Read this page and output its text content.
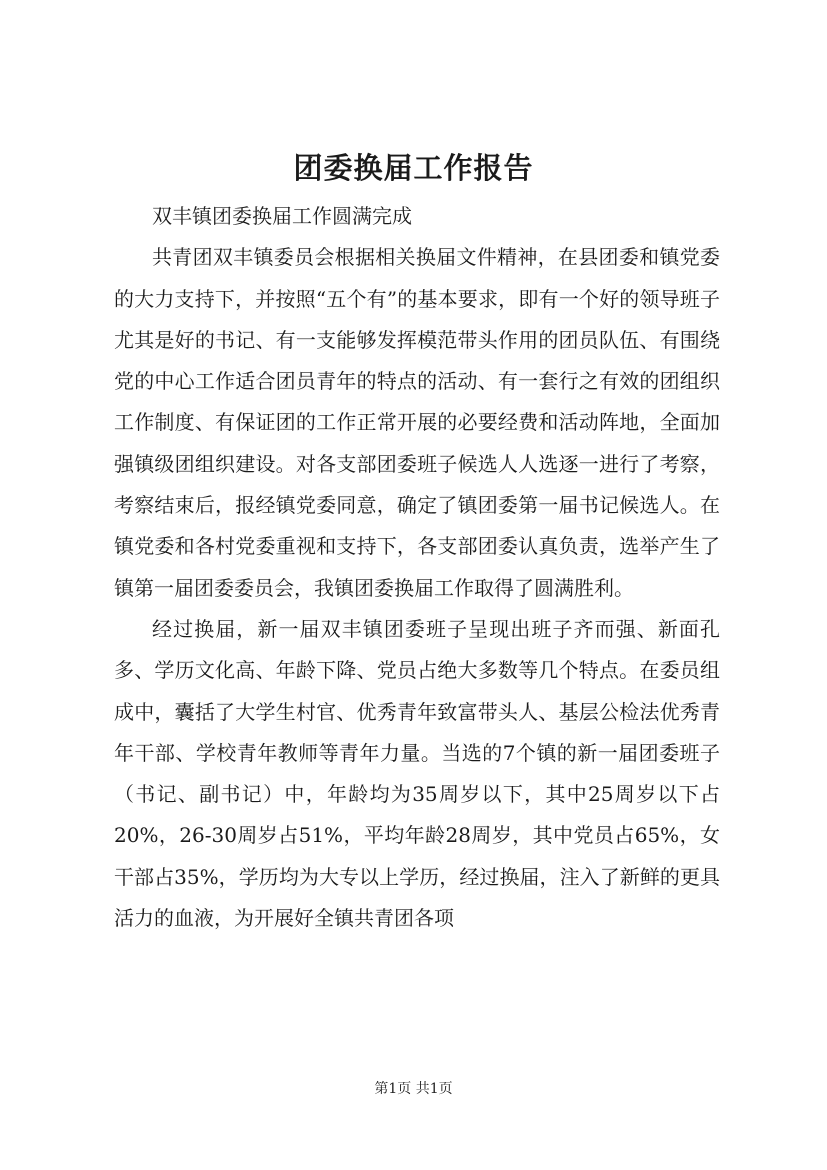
团委换届工作报告

双丰镇团委换届工作圆满完成

共青团双丰镇委员会根据相关换届文件精神，在县团委和镇党委的大力支持下，并按照“五个有”的基本要求，即有一个好的领导班子尤其是好的书记、有一支能够发挥模范带头作用的团员队伍、有围绕党的中心工作适合团员青年的特点的活动、有一套行之有效的团组织工作制度、有保证团的工作正常开展的必要经费和活动阵地，全面加强镇级团组织建设。对各支部团委班子候选人人选逐一进行了考察，考察结束后，报经镇党委同意，确定了镇团委第一届书记候选人。在镇党委和各村党委重视和支持下，各支部团委认真负责，选举产生了镇第一届团委委员会，我镇团委换届工作取得了圆满胜利。

经过换届，新一届双丰镇团委班子呈现出班子齐而强、新面孔多、学历文化高、年龄下降、党员占绝大多数等几个特点。在委员组成中，囊括了大学生村官、优秀青年致富带头人、基层公检法优秀青年干部、学校青年教师等青年力量。当选的7个镇的新一届团委班子（书记、副书记）中，年龄均为35周岁以下，其中25周岁以下占20%，26-30周岁占51%，平均年龄28周岁，其中党员占65%，女干部占35%，学历均为大专以上学历，经过换届，注入了新鲜的更具活力的血液，为开展好全镇共青团各项

第1页 共1页
